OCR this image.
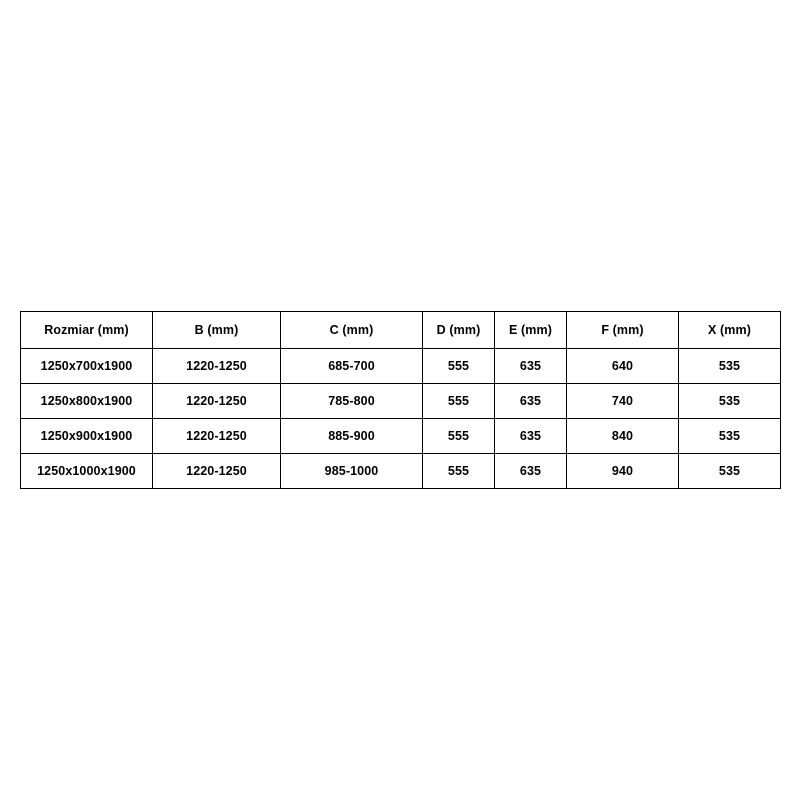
Rozmiar (mm)	B (mm)	C (mm)	D (mm)	E (mm)	F (mm)	X (mm)
1250x700x1900	1220-1250	685-700	555	635	640	535
1250x800x1900	1220-1250	785-800	555	635	740	535
1250x900x1900	1220-1250	885-900	555	635	840	535
1250x1000x1900	1220-1250	985-1000	555	635	940	535
